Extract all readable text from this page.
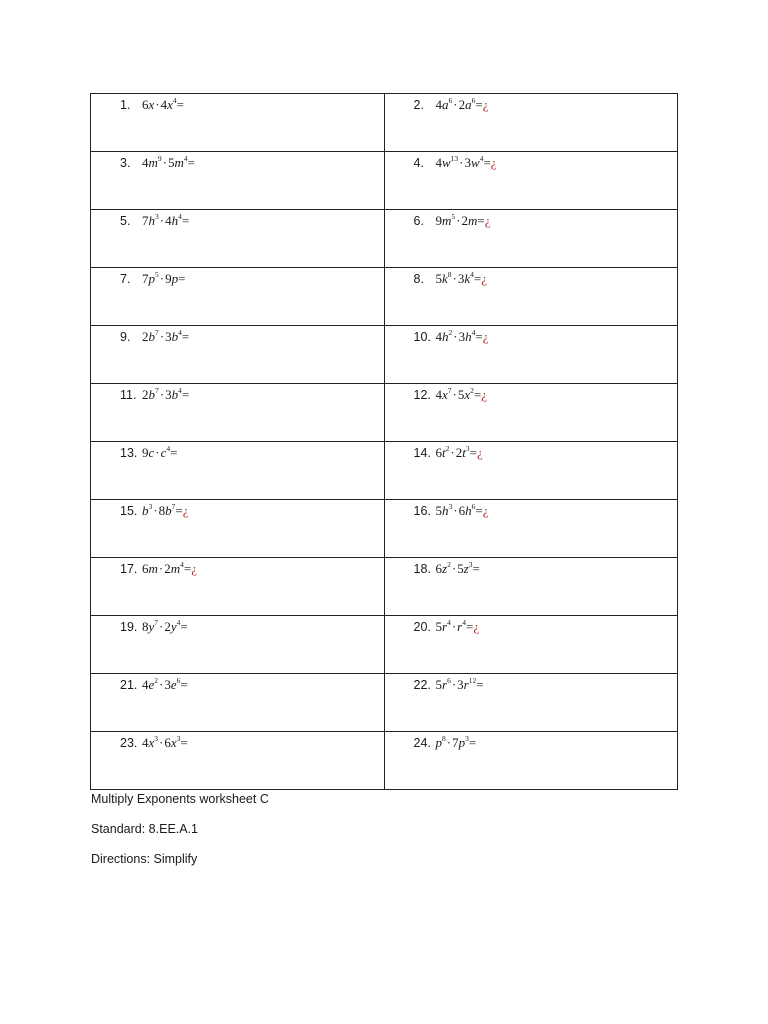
1. $6x\cdot 4x^4=$	2. $4a^6\cdot 2a^6=¿$

3. $4m^9\cdot 5m^4=$	4. $4w^{13}\cdot 3w^4=¿$

5. $7h^3\cdot 4h^4=$	6. $9m^5\cdot 2m=¿$

7. $7p^5\cdot 9p=$	8. $5k^8\cdot 3k^4=¿$

9. $2b^7\cdot 3b^4=$	10. $4h^2\cdot 3h^4=¿$

11. $2b^7\cdot 3b^4=$	12. $4x^7\cdot 5x^2=¿$

13. $9c\cdot c^4=$	14. $6t^2\cdot 2t^3=¿$

15. $b^3\cdot 8b^7=¿$	16. $5h^3\cdot 6h^6=¿$

17. $6m\cdot 2m^4=¿$	18. $6z^2\cdot 5z^3=$

19. $8y^7\cdot 2y^4=$	20. $5r^4\cdot r^4=¿$

21. $4e^2\cdot 3e^6=$	22. $5r^6\cdot 3r^{12}=$

23. $4x^3\cdot 6x^3=$	24. $p^8\cdot 7p^3=$
Multiply Exponents worksheet C
Standard: 8.EE.A.1
Directions: Simplify
